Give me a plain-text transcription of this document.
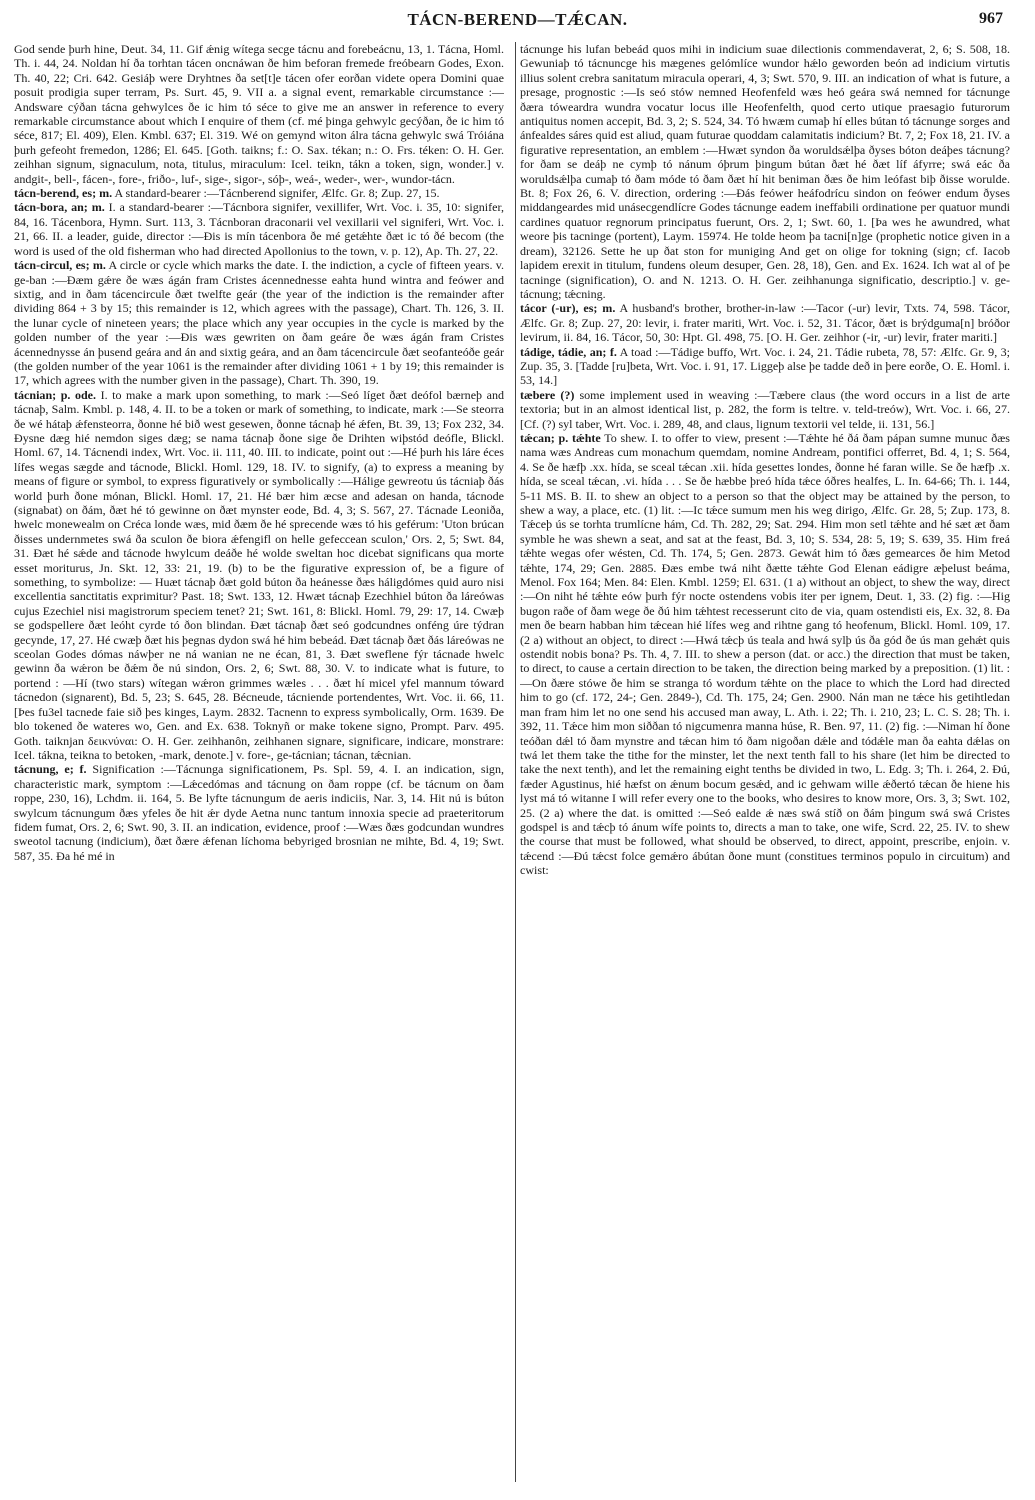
TÁCN-BEREND—TǼCAN.	967

God sende þurh hine, Deut. 34, 11. Gif ǽnig wítega secge tácnu and forebeácnu, 13, 1. Tácna, Homl. Th. i. 44, 24. Noldan hí ða torhtan tácen oncnáwan ðe him beforan fremede freóbearn Godes, Exon. Th. 40, 22; Cri. 642. Gesiáþ were Dryhtnes ða set[t]e tácen ofer eorðan videte opera Domini quae posuit prodigia super terram, Ps. Surt. 45, 9. VII a. a signal event, remarkable circumstance :—Andsware cýðan tácna gehwylces ðe ic him tó séce to give me an answer in reference to every remarkable circumstance about which I enquire of them (cf. mé þinga gehwylc gecýðan, ðe ic him tó séce, 817; El. 409), Elen. Kmbl. 637; El. 319. Wé on gemynd witon álra tácna gehwylc swá Tróiána þurh gefeoht fremedon, 1286; El. 645. [Goth. taikns; f.: O. Sax. tékan; n.: O. Frs. téken: O. H. Ger. zeihhan signum, signaculum, nota, titulus, miraculum: Icel. teikn, tákn a token, sign, wonder.] v. andgit-, bell-, fácen-, fore-, friðo-, luf-, sige-, sigor-, sóþ-, weá-, weder-, wer-, wundor-tácn.

tácn-berend, es; m. A standard-bearer :—Tácnberend signifer, Ælfc. Gr. 8; Zup. 27, 15.

tácn-bora, an; m. I. a standard-bearer :—Tácnbora signifer, vexillifer, Wrt. Voc. i. 35, 10: signifer, 84, 16. Tácenbora, Hymn. Surt. 113, 3. Tácnboran draconarii vel vexillarii vel signiferi, Wrt. Voc. i. 21, 66. II. a leader, guide, director :—Ðis is mín tácenbora ðe mé getǽhte ðæt ic tó ðé becom (the word is used of the old fisherman who had directed Apollonius to the town, v. p. 12), Ap. Th. 27, 22.

tácn-circul, es; m. A circle or cycle which marks the date. I. the indiction, a cycle of fifteen years. v. ge-ban :—Ðæm gǽre ðe wæs ágán fram Cristes ácennednesse eahta hund wintra and feówer and sixtig, and in ðam tácencircule ðæt twelfte geár (the year of the indiction is the remainder after dividing 864 + 3 by 15; this remainder is 12, which agrees with the passage), Chart. Th. 126, 3. II. the lunar cycle of nineteen years; the place which any year occupies in the cycle is marked by the golden number of the year :—Ðis wæs gewriten on ðam geáre ðe wæs ágán fram Cristes ácennednysse án þusend geára and án and sixtig geára, and an ðam tácencircule ðæt seofanteóðe geár (the golden number of the year 1061 is the remainder after dividing 1061 + 1 by 19; this remainder is 17, which agrees with the number given in the passage), Chart. Th. 390, 19.

tácnian; p. ode. I. to make a mark upon something, to mark :—Seó líget ðæt deófol bærneþ and tácnaþ, Salm. Kmbl. p. 148, 4. II. to be a token or mark of something, to indicate, mark :—Se steorra ðe wé hátaþ ǽfensteorra, ðonne hé bið west gesewen, ðonne tácnaþ hé ǽfen, Bt. 39, 13; Fox 232, 34. Ðysne dæg hié nemdon siges dæg; se nama tácnaþ ðone sige ðe Drihten wiþstód deófle, Blickl. Homl. 67, 14. Tácnendi index, Wrt. Voc. ii. 111, 40. III. to indicate, point out :—Hé þurh his láre éces lífes wegas sægde and tácnode, Blickl. Homl. 129, 18. IV. to signify, (a) to express a meaning by means of figure or symbol, to express figuratively or symbolically :—Hálige gewreotu ús tácniaþ ðás world þurh ðone mónan, Blickl. Homl. 17, 21. Hé bær him æcse and adesan on handa, tácnode (signabat) on ðám, ðæt hé tó gewinne on ðæt mynster eode, Bd. 4, 3; S. 567, 27. Tácnade Leoniða, hwelc monewealm on Créca londe wæs, mid ðæm ðe hé sprecende wæs tó his geférum: 'Uton brúcan ðisses undernmetes swá ða sculon ðe biora ǽfengifl on helle gefeccean sculon,' Ors. 2, 5; Swt. 84, 31. Ðæt hé sǽde and tácnode hwylcum deáðe hé wolde sweltan hoc dicebat significans qua morte esset moriturus, Jn. Skt. 12, 33: 21, 19. (b) to be the figurative expression of, be a figure of something, to symbolize: — Huæt tácnaþ ðæt gold búton ða heánesse ðæs háligdómes quid auro nisi excellentia sanctitatis exprimitur? Past. 18; Swt. 133, 12. Hwæt tácnaþ Ezechhiel búton ða láreówas cujus Ezechiel nisi magistrorum speciem tenet? 21; Swt. 161, 8: Blickl. Homl. 79, 29: 17, 14. Cwæþ se godspellere ðæt leóht cyrde tó ðon blindan. Ðæt tácnaþ ðæt seó godcundnes onféng úre týdran gecynde, 17, 27. Hé cwæþ ðæt his þegnas dydon swá hé him bebeád. Ðæt tácnaþ ðæt ðás láreówas ne sceolan Godes dómas náwþer ne ná wanian ne ne écan, 81, 3. Ðæt sweflene fýr tácnade hwelc gewinn ða wǽron be ðǽm ðe nú sindon, Ors. 2, 6; Swt. 88, 30. V. to indicate what is future, to portend : —Hí (two stars) wítegan wǽron grimmes wæles . . . ðæt hí micel yfel mannum tóward tácnedon (signarent), Bd. 5, 23; S. 645, 28. Bécneude, tácniende portendentes, Wrt. Voc. ii. 66, 11. [Þes fu3el tacnede faie sið þes kinges, Laym. 2832. Tacnenn to express symbolically, Orm. 1639. Ðe blo tokened ðe wateres wo, Gen. and Ex. 638. Toknyñ or make tokene signo, Prompt. Parv. 495. Goth. taiknjan δεικνύναι: O. H. Ger. zeihhanôn, zeihhanen signare, significare, indicare, monstrare: Icel. tákna, teikna to betoken, -mark, denote.] v. fore-, ge-tácnian; tácnan, tǽcnian.

tácnung, e; f. Signification :—Tácnunga significationem, Ps. Spl. 59, 4. I. an indication, sign, characteristic mark, symptom :—Lǽcedómas and tácnung on ðam roppe (cf. be tácnum on ðam roppe, 230, 16), Lchdm. ii. 164, 5. Be lyfte tácnungum de aeris indiciis, Nar. 3, 14. Hit nú is búton swylcum tácnungum ðæs yfeles ðe hit ǽr dyde Aetna nunc tantum innoxia specie ad praeteritorum fidem fumat, Ors. 2, 6; Swt. 90, 3. II. an indication, evidence, proof :—Wæs ðæs godcundan wundres sweotol tacnung (indicium), ðæt ðære ǽfenan líchoma bebyriged brosnian ne mihte, Bd. 4, 19; Swt. 587, 35. Ða hé mé in

tácnunge his lufan bebeád quos mihi in indicium suae dilectionis commendaverat, 2, 6; S. 508, 18. Gewuniaþ tó tácnuncge his mægenes gelómlíce wundor hǽlo geworden beón ad indicium virtutis illius solent crebra sanitatum miracula operari, 4, 3; Swt. 570, 9. III. an indication of what is future, a presage, prognostic :—Is seó stów nemned Heofenfeld wæs heó geára swá nemned for tácnunge ðæra tóweardra wundra vocatur locus ille Heofenfelth, quod certo utique praesagio futurorum antiquitus nomen accepit, Bd. 3, 2; S. 524, 34. Tó hwæm cumaþ hí elles bútan tó tácnunge sorges and ánfealdes sáres quid est aliud, quam futurae quoddam calamitatis indicium? Bt. 7, 2; Fox 18, 21. IV. a figurative representation, an emblem :—Hwæt syndon ða woruldsǽlþa ðyses bóton deáþes tácnung? for ðam se deáþ ne cymþ tó nánum óþrum þingum bútan ðæt hé ðæt líf áfyrre; swá eác ða woruldsǽlþa cumaþ tó ðam móde tó ðam ðæt hí hit beniman ðæs ðe him leófast biþ ðisse worulde. Bt. 8; Fox 26, 6. V. direction, ordering :—Ðás feówer heáfodrícu sindon on feówer endum ðyses middangeardes mid unásecgendlícre Godes tácnunge eadem ineffabili ordinatione per quatuor mundi cardines quatuor regnorum principatus fuerunt, Ors. 2, 1; Swt. 60, 1. [Þa wes he awundred, what weore þis tacninge (portent), Laym. 15974. He tolde heom þa tacni[n]ge (prophetic notice given in a dream), 32126. Sette he up ðat ston for muniging And get on olige for tokning (sign; cf. Iacob lapidem erexit in titulum, fundens oleum desuper, Gen. 28, 18), Gen. and Ex. 1624. Ich wat al of þe tacninge (signification), O. and N. 1213. O. H. Ger. zeihhanunga significatio, descriptio.] v. ge-tácnung; tǽcning.

tácor (-ur), es; m. A husband's brother, brother-in-law :—Tacor (-ur) levir, Txts. 74, 598. Tácor, Ælfc. Gr. 8; Zup. 27, 20: levir, i. frater mariti, Wrt. Voc. i. 52, 31. Tácor, ðæt is brýdguma[n] bróðor levirum, ii. 84, 16. Tácor, 50, 30: Hpt. Gl. 498, 75. [O. H. Ger. zeihhor (-ir, -ur) levir, frater mariti.]

tádige, tádie, an; f. A toad :—Tádige buffo, Wrt. Voc. i. 24, 21. Tádie rubeta, 78, 57: Ælfc. Gr. 9, 3; Zup. 35, 3. [Tadde [ru]beta, Wrt. Voc. i. 91, 17. Liggeþ alse þe tadde deð in þere eorðe, O. E. Homl. i. 53, 14.]

tæbere (?) some implement used in weaving :—Tæbere claus (the word occurs in a list de arte textoria; but in an almost identical list, p. 282, the form is teltre. v. teld-treów), Wrt. Voc. i. 66, 27. [Cf. (?) syl taber, Wrt. Voc. i. 289, 48, and claus, lignum textorii vel telde, ii. 131, 56.]

tǽcan; p. tǽhte To shew. I. to offer to view, present :—Tǽhte hé ðá ðam pápan sumne munuc ðæs nama wæs Andreas cum monachum quemdam, nomine Andream, pontifici offerret, Bd. 4, 1; S. 564, 4. Se ðe hæfþ .xx. hída, se sceal tǽcan .xii. hída gesettes londes, ðonne hé faran wille. Se ðe hæfþ .x. hída, se sceal tǽcan, .vi. hída . . . Se ðe hæbbe þreó hída tǽce óðres healfes, L. In. 64-66; Th. i. 144, 5-11 MS. B. II. to shew an object to a person so that the object may be attained by the person, to shew a way, a place, etc. (1) lit. :—Ic tǽce sumum men his weg dirigo, Ælfc. Gr. 28, 5; Zup. 173, 8. Tǽceþ ús se torhta trumlícne hám, Cd. Th. 282, 29; Sat. 294. Him mon setl tǽhte and hé sæt æt ðam symble he was shewn a seat, and sat at the feast, Bd. 3, 10; S. 534, 28: 5, 19; S. 639, 35. Him freá tǽhte wegas ofer wésten, Cd. Th. 174, 5; Gen. 2873. Gewát him tó ðæs gemearces ðe him Metod tǽhte, 174, 29; Gen. 2885. Ðæs embe twá niht ðætte tǽhte God Elenan eádigre æþelust beáma, Menol. Fox 164; Men. 84: Elen. Kmbl. 1259; El. 631. (1 a) without an object, to shew the way, direct :—On niht hé tǽhte eów þurh fýr nocte ostendens vobis iter per ignem, Deut. 1, 33. (2) fig. :—Hig bugon raðe of ðam wege ðe ðú him tǽhtest recesserunt cito de via, quam ostendisti eis, Ex. 32, 8. Ða men ðe bearn habban him tǽcean hié lífes weg and rihtne gang tó heofenum, Blickl. Homl. 109, 17. (2 a) without an object, to direct :—Hwá tǽcþ ús teala and hwá sylþ ús ða gód ðe ús man gehǽt quis ostendit nobis bona? Ps. Th. 4, 7. III. to shew a person (dat. or acc.) the direction that must be taken, to direct, to cause a certain direction to be taken, the direction being marked by a preposition. (1) lit. :—On ðære stówe ðe him se stranga tó wordum tǽhte on the place to which the Lord had directed him to go (cf. 172, 24-; Gen. 2849-), Cd. Th. 175, 24; Gen. 2900. Nán man ne tǽce his getihtledan man fram him let no one send his accused man away, L. Ath. i. 22; Th. i. 210, 23; L. C. S. 28; Th. i. 392, 11. Tǽce him mon siððan tó nigcumenra manna húse, R. Ben. 97, 11. (2) fig. :—Niman hí ðone teóðan dǽl tó ðam mynstre and tǽcan him tó ðam nigoðan dǽle and tódǽle man ða eahta dǽlas on twá let them take the tithe for the minster, let the next tenth fall to his share (let him be directed to take the next tenth), and let the remaining eight tenths be divided in two, L. Edg. 3; Th. i. 264, 2. Ðú, fæder Agustinus, hié hæfst on ǽnum bocum gesǽd, and ic gehwam wille ǽðertó tǽcan ðe hiene his lyst má tó witanne I will refer every one to the books, who desires to know more, Ors. 3, 3; Swt. 102, 25. (2 a) where the dat. is omitted :—Seó ealde ǽ næs swá stíð on ðám þingum swá swá Cristes godspel is and tǽcþ tó ánum wífe points to, directs a man to take, one wife, Scrd. 22, 25. IV. to shew the course that must be followed, what should be observed, to direct, appoint, prescribe, enjoin. v. tǽcend :—Ðú tǽcst folce gemǽro ábútan ðone munt (constitues terminos populo in circuitum) and cwist:
